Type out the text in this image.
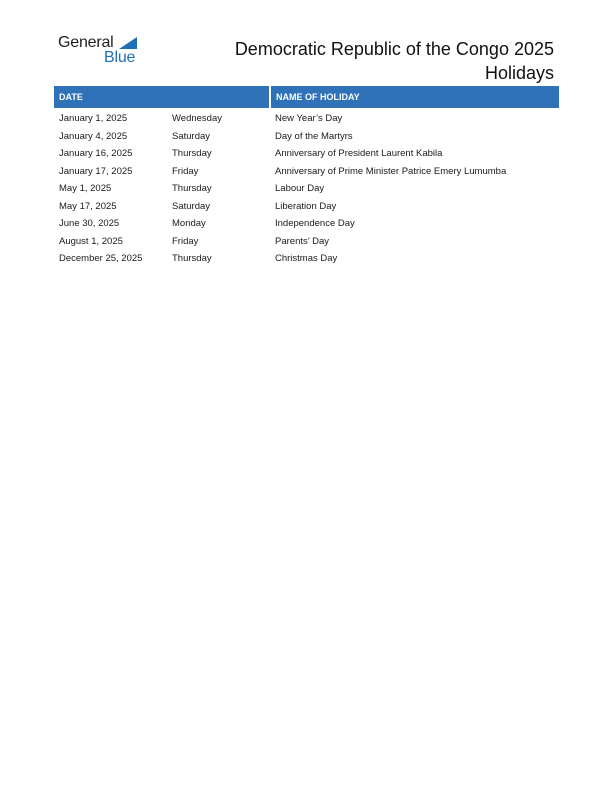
General
Blue	Democratic Republic of the Congo 2025
Holidays
DATE		NAME OF HOLIDAY
January 1, 2025	Wednesday	New Year’s Day
January 4, 2025	Saturday	Day of the Martyrs
January 16, 2025	Thursday	Anniversary of President Laurent Kabila
January 17, 2025	Friday	Anniversary of Prime Minister Patrice Emery Lumumba
May 1, 2025	Thursday	Labour Day
May 17, 2025	Saturday	Liberation Day
June 30, 2025	Monday	Independence Day
August 1, 2025	Friday	Parents’ Day
December 25, 2025	Thursday	Christmas Day
